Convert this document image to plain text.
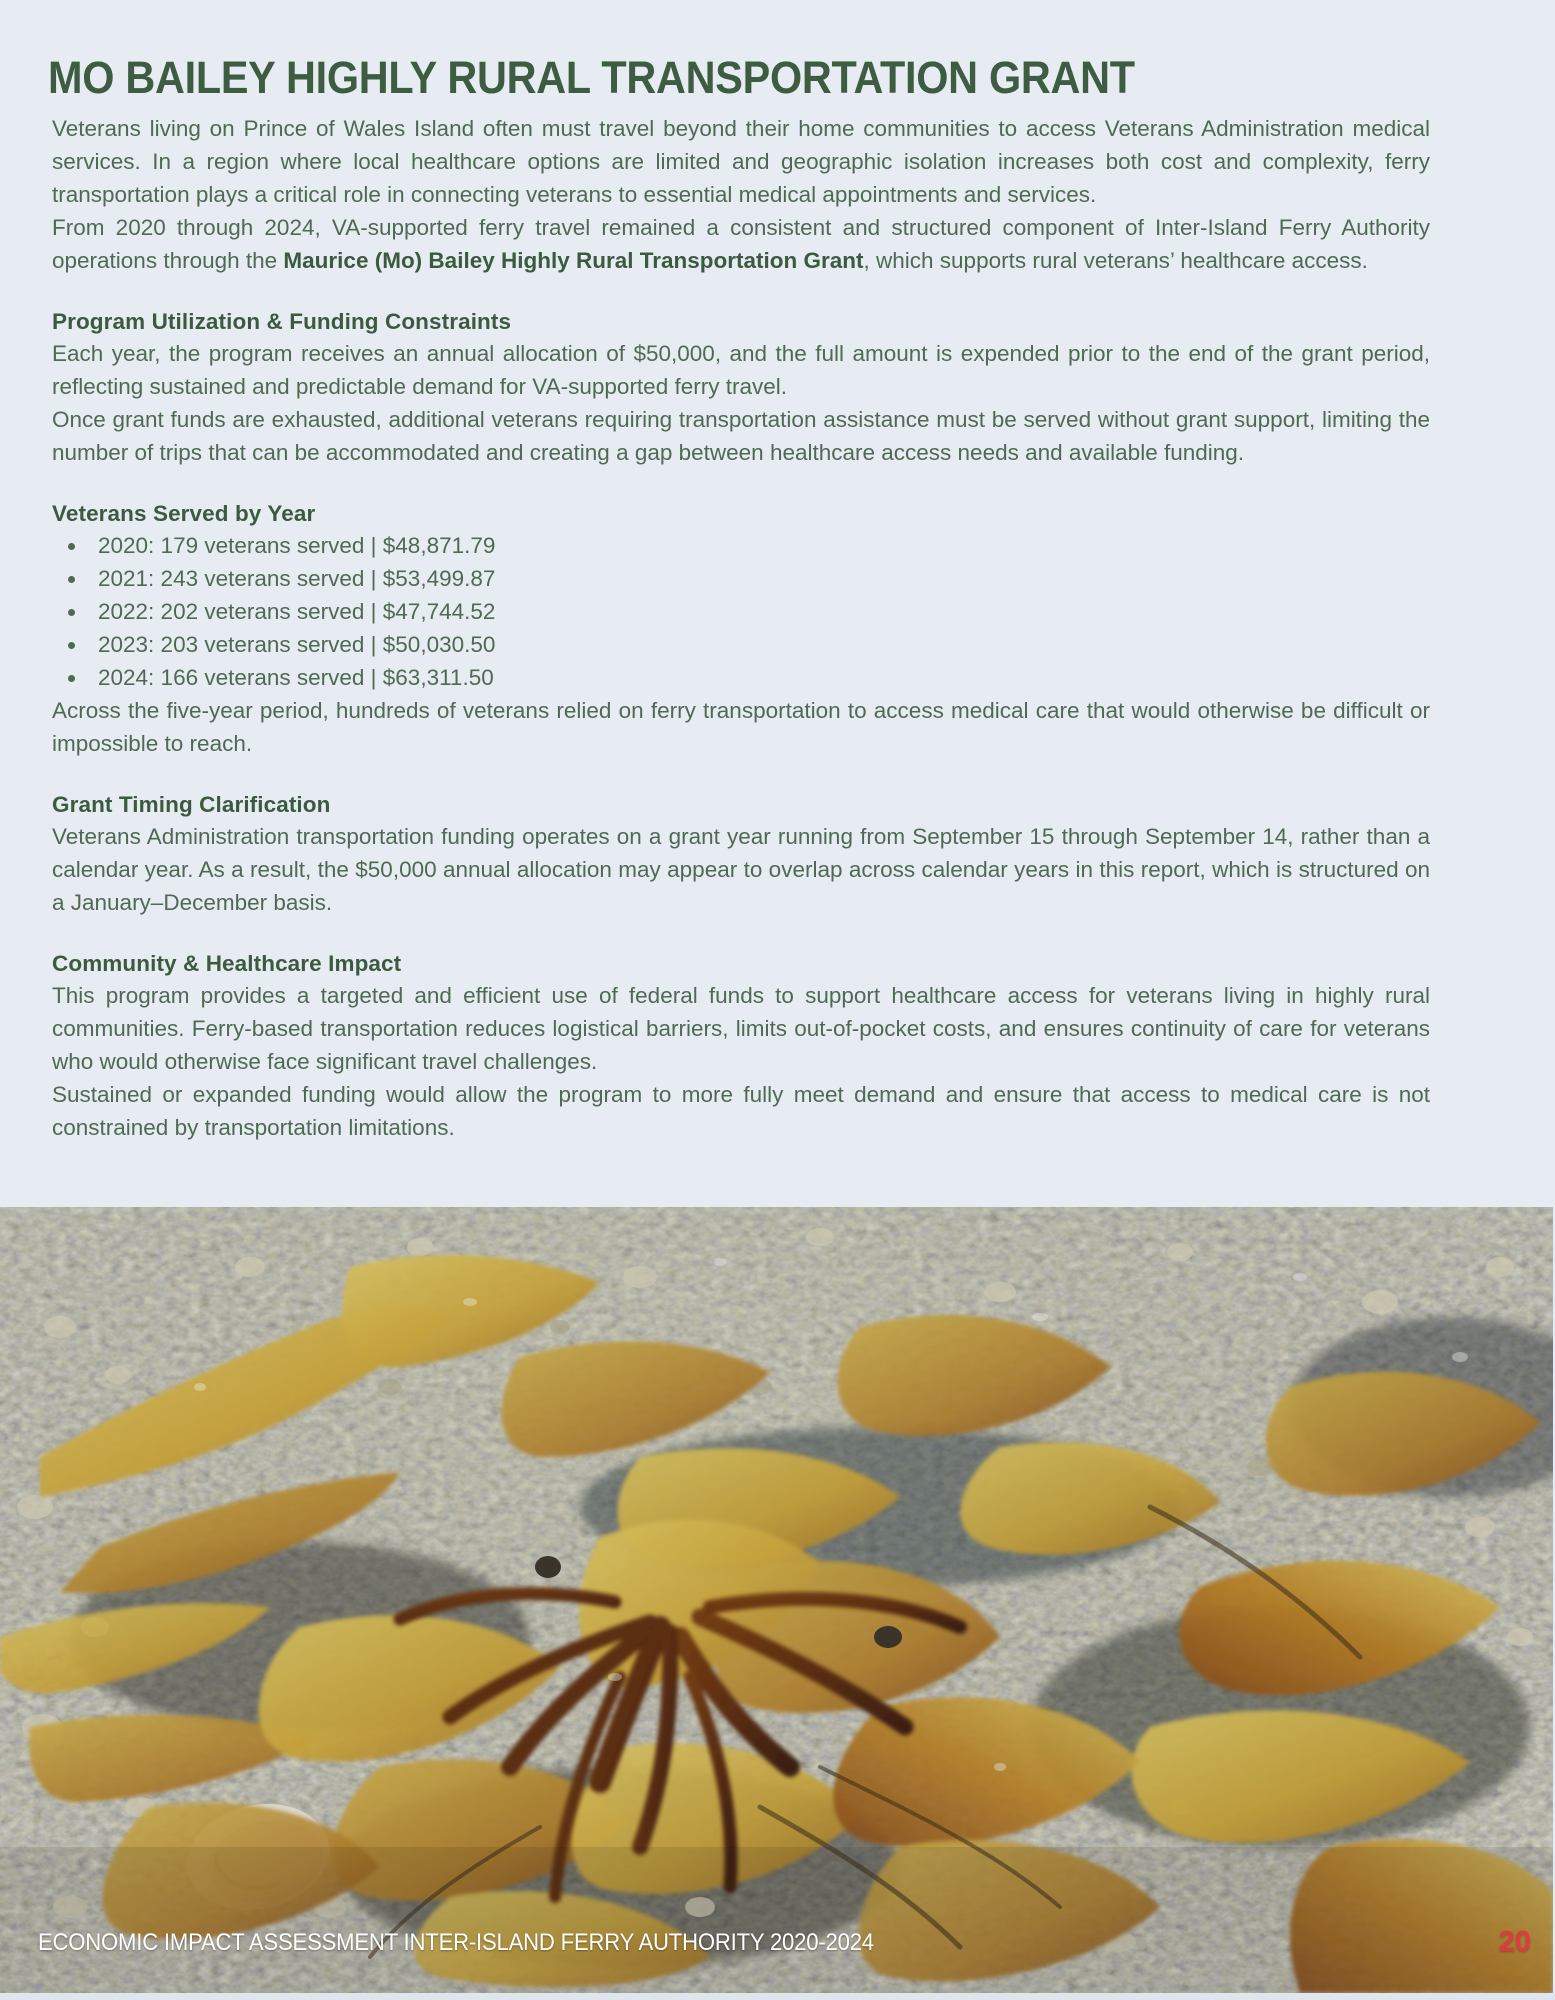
MO BAILEY HIGHLY RURAL TRANSPORTATION GRANT

Veterans living on Prince of Wales Island often must travel beyond their home communities to access Veterans Administration medical services. In a region where local healthcare options are limited and geographic isolation increases both cost and complexity, ferry transportation plays a critical role in connecting veterans to essential medical appointments and services.

From 2020 through 2024, VA-supported ferry travel remained a consistent and structured component of Inter-Island Ferry Authority operations through the Maurice (Mo) Bailey Highly Rural Transportation Grant, which supports rural veterans’ healthcare access.

Program Utilization & Funding Constraints

Each year, the program receives an annual allocation of $50,000, and the full amount is expended prior to the end of the grant period, reflecting sustained and predictable demand for VA-supported ferry travel.

Once grant funds are exhausted, additional veterans requiring transportation assistance must be served without grant support, limiting the number of trips that can be accommodated and creating a gap between healthcare access needs and available funding.

Veterans Served by Year
2020: 179 veterans served | $48,871.79
2021: 243 veterans served | $53,499.87
2022: 202 veterans served | $47,744.52
2023: 203 veterans served | $50,030.50
2024: 166 veterans served | $63,311.50

Across the five-year period, hundreds of veterans relied on ferry transportation to access medical care that would otherwise be difficult or impossible to reach.

Grant Timing Clarification

Veterans Administration transportation funding operates on a grant year running from September 15 through September 14, rather than a calendar year. As a result, the $50,000 annual allocation may appear to overlap across calendar years in this report, which is structured on a January–December basis.

Community & Healthcare Impact

This program provides a targeted and efficient use of federal funds to support healthcare access for veterans living in highly rural communities. Ferry-based transportation reduces logistical barriers, limits out-of-pocket costs, and ensures continuity of care for veterans who would otherwise face significant travel challenges.

Sustained or expanded funding would allow the program to more fully meet demand and ensure that access to medical care is not constrained by transportation limitations.

ECONOMIC IMPACT ASSESSMENT INTER-ISLAND FERRY AUTHORITY 2020-2024	20
